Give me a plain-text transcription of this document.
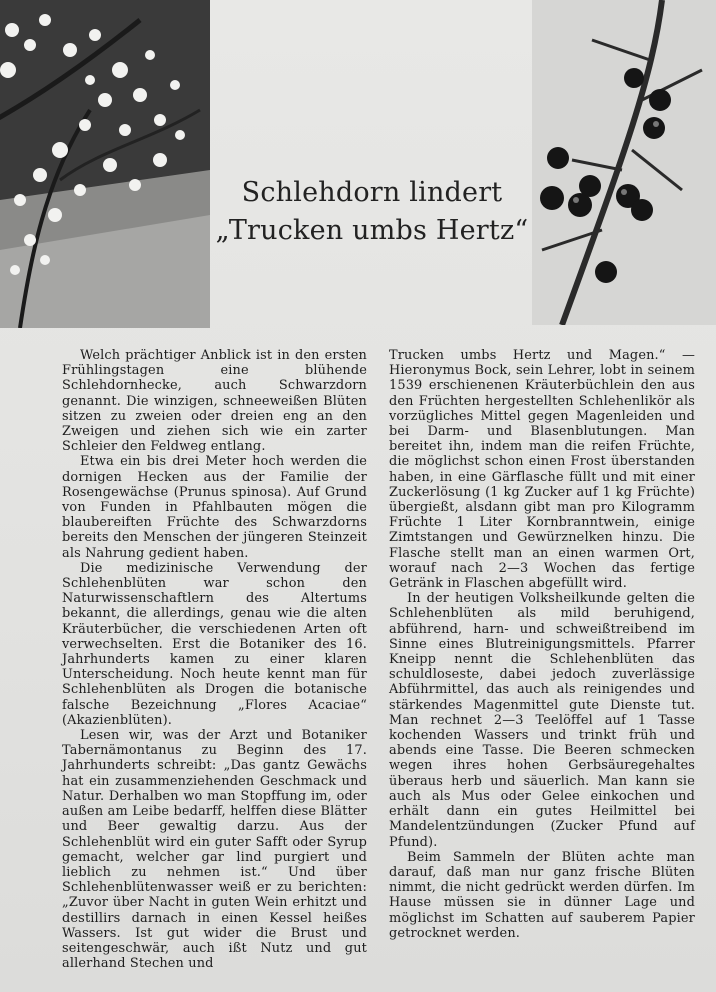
Schlehdorn lindert
„Trucken umbs Hertz“

Welch prächtiger Anblick ist in den ersten Frühlingstagen eine blühende Schlehdornhecke, auch Schwarzdorn genannt. Die winzigen, schneeweißen Blüten sitzen zu zweien oder dreien eng an den Zweigen und ziehen sich wie ein zarter Schleier den Feldweg entlang.

Etwa ein bis drei Meter hoch werden die dornigen Hecken aus der Familie der Rosengewächse (Prunus spinosa). Auf Grund von Funden in Pfahlbauten mögen die blaubereiften Früchte des Schwarzdorns bereits den Menschen der jüngeren Steinzeit als Nahrung gedient haben.

Die medizinische Verwendung der Schlehenblüten war schon den Naturwissenschaftlern des Altertums bekannt, die allerdings, genau wie die alten Kräuterbücher, die verschiedenen Arten oft verwechselten. Erst die Botaniker des 16. Jahrhunderts kamen zu einer klaren Unterscheidung. Noch heute kennt man für Schlehenblüten als Drogen die botanische falsche Bezeichnung „Flores Acaciae“ (Akazienblüten).

Lesen wir, was der Arzt und Botaniker Tabernämontanus zu Beginn des 17. Jahrhunderts schreibt: „Das gantz Gewächs hat ein zusammenziehenden Geschmack und Natur. Derhalben wo man Stopffung im, oder außen am Leibe bedarff, helffen diese Blätter und Beer gewaltig darzu. Aus der Schlehenblüt wird ein guter Safft oder Syrup gemacht, welcher gar lind purgiert und lieblich zu nehmen ist.“ Und über Schlehenblütenwasser weiß er zu berichten: „Zuvor über Nacht in guten Wein erhitzt und destillirs darnach in einen Kessel heißes Wassers. Ist gut wider die Brust und seitengeschwär, auch ißt Nutz und gut allerhand Stechen und

Trucken umbs Hertz und Magen.“ — Hieronymus Bock, sein Lehrer, lobt in seinem 1539 erschienenen Kräuterbüchlein den aus den Früchten hergestellten Schlehenlikör als vorzügliches Mittel gegen Magenleiden und bei Darm- und Blasenblutungen. Man bereitet ihn, indem man die reifen Früchte, die möglichst schon einen Frost überstanden haben, in eine Gärflasche füllt und mit einer Zuckerlösung (1 kg Zucker auf 1 kg Früchte) übergießt, alsdann gibt man pro Kilogramm Früchte 1 Liter Kornbranntwein, einige Zimtstangen und Gewürznelken hinzu. Die Flasche stellt man an einen warmen Ort, worauf nach 2—3 Wochen das fertige Getränk in Flaschen abgefüllt wird.

In der heutigen Volksheilkunde gelten die Schlehenblüten als mild beruhigend, abführend, harn- und schweißtreibend im Sinne eines Blutreinigungsmittels. Pfarrer Kneipp nennt die Schlehenblüten das schuldloseste, dabei jedoch zuverlässige Abführmittel, das auch als reinigendes und stärkendes Magenmittel gute Dienste tut. Man rechnet 2—3 Teelöffel auf 1 Tasse kochenden Wassers und trinkt früh und abends eine Tasse. Die Beeren schmecken wegen ihres hohen Gerbsäuregehaltes überaus herb und säuerlich. Man kann sie auch als Mus oder Gelee einkochen und erhält dann ein gutes Heilmittel bei Mandelentzündungen (Zucker Pfund auf Pfund).

Beim Sammeln der Blüten achte man darauf, daß man nur ganz frische Blüten nimmt, die nicht gedrückt werden dürfen. Im Hause müssen sie in dünner Lage und möglichst im Schatten auf sauberem Papier getrocknet werden.
